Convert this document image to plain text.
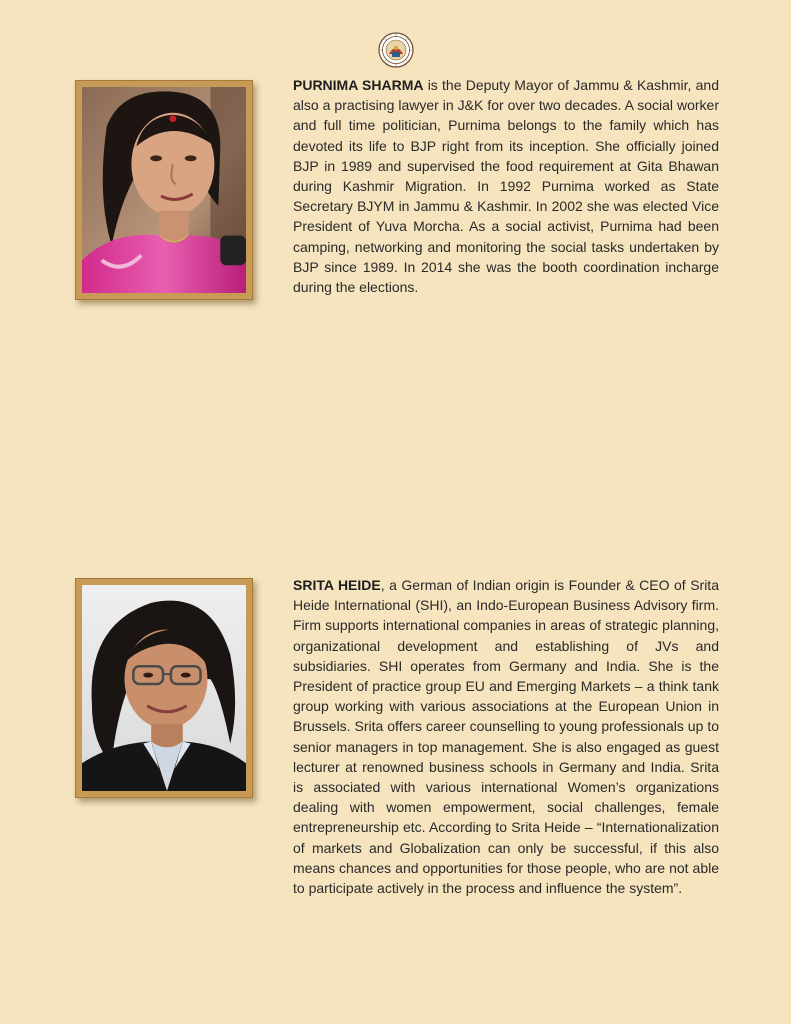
PURNIMA SHARMA is the Deputy Mayor of Jammu & Kashmir, and also a practising lawyer in J&K for over two decades. A social worker and full time politician, Purnima belongs to the family which has devoted its life to BJP right from its inception. She officially joined BJP in 1989 and supervised the food requirement at Gita Bhawan during Kashmir Migration. In 1992 Purnima worked as State Secretary BJYM in Jammu & Kashmir. In 2002 she was elected Vice President of Yuva Morcha. As a social activist, Purnima had been camping, networking and monitoring the social tasks undertaken by BJP since 1989. In 2014 she was the booth coordination incharge during the elections.

SRITA HEIDE, a German of Indian origin is Founder & CEO of Srita Heide International (SHI), an Indo-European Business Advisory firm. Firm supports international companies in areas of strategic planning, organizational development and establishing of JVs and subsidiaries. SHI operates from Germany and India. She is the President of practice group EU and Emerging Markets – a think tank group working with various associations at the European Union in Brussels. Srita offers career counselling to young professionals up to senior managers in top management. She is also engaged as guest lecturer at renowned business schools in Germany and India. Srita is associated with various international Women’s organizations dealing with women empowerment, social challenges, female entrepreneurship etc. According to Srita Heide – “Internationalization of markets and Globalization can only be successful, if this also means chances and opportunities for those people, who are not able to participate actively in the process and influence the system”.
